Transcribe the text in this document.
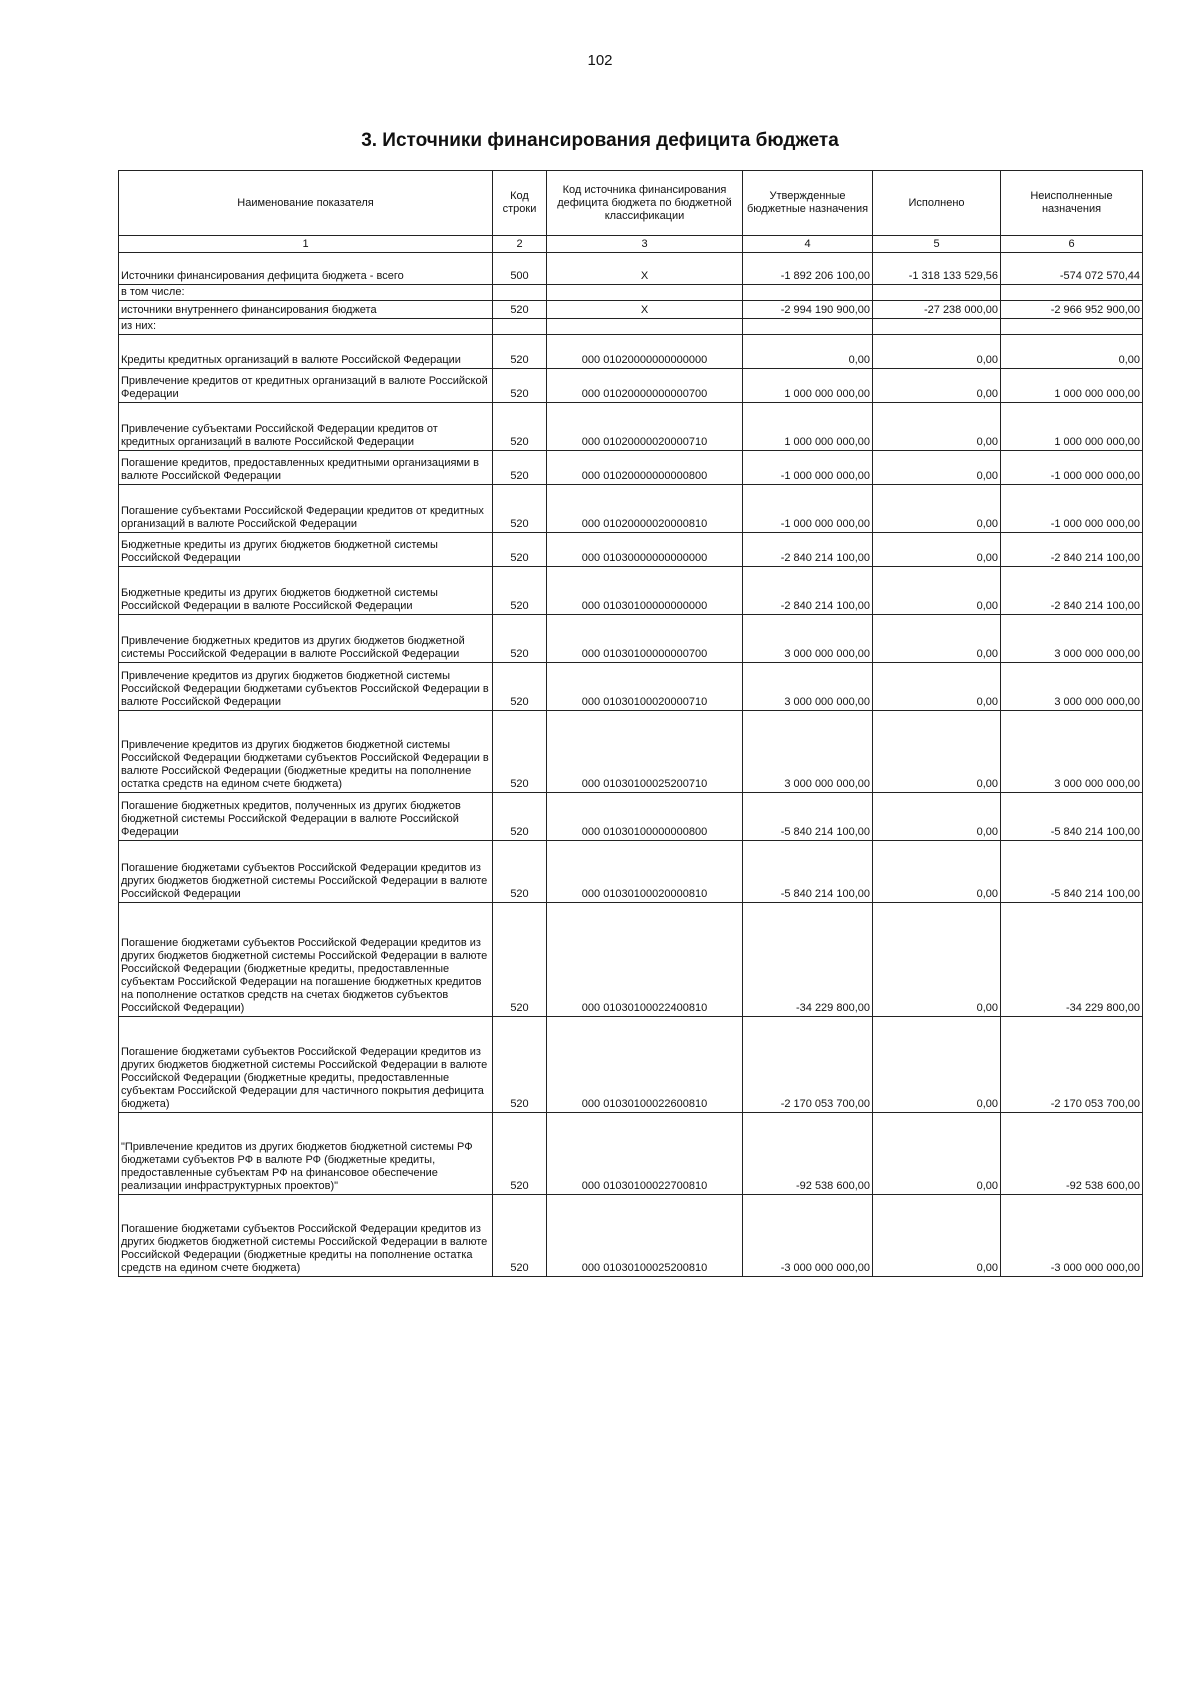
102
3. Источники финансирования дефицита бюджета
Наименование показателя	Код строки	Код источника финансирования дефицита бюджета по бюджетной классификации	Утвержденные бюджетные назначения	Исполнено	Неисполненные назначения
1	2	3	4	5	6
Источники финансирования дефицита бюджета - всего	500	X	-1 892 206 100,00	-1 318 133 529,56	-574 072 570,44
в том числе:					
источники внутреннего финансирования бюджета	520	X	-2 994 190 900,00	-27 238 000,00	-2 966 952 900,00
из них:					
Кредиты кредитных организаций в валюте Российской Федерации	520	000 01020000000000000	0,00	0,00	0,00
Привлечение кредитов от кредитных организаций в валюте Российской Федерации	520	000 01020000000000700	1 000 000 000,00	0,00	1 000 000 000,00
Привлечение субъектами Российской Федерации кредитов от кредитных организаций в валюте Российской Федерации	520	000 01020000020000710	1 000 000 000,00	0,00	1 000 000 000,00
Погашение кредитов, предоставленных кредитными организациями в валюте Российской Федерации	520	000 01020000000000800	-1 000 000 000,00	0,00	-1 000 000 000,00
Погашение субъектами Российской Федерации кредитов от кредитных организаций в валюте Российской Федерации	520	000 01020000020000810	-1 000 000 000,00	0,00	-1 000 000 000,00
Бюджетные кредиты из других бюджетов бюджетной системы Российской Федерации	520	000 01030000000000000	-2 840 214 100,00	0,00	-2 840 214 100,00
Бюджетные кредиты из других бюджетов бюджетной системы Российской Федерации в валюте Российской Федерации	520	000 01030100000000000	-2 840 214 100,00	0,00	-2 840 214 100,00
Привлечение бюджетных кредитов из других бюджетов бюджетной системы Российской Федерации в валюте Российской Федерации	520	000 01030100000000700	3 000 000 000,00	0,00	3 000 000 000,00
Привлечение кредитов из других бюджетов бюджетной системы Российской Федерации бюджетами субъектов Российской Федерации в валюте Российской Федерации	520	000 01030100020000710	3 000 000 000,00	0,00	3 000 000 000,00
Привлечение кредитов из других бюджетов бюджетной системы Российской Федерации бюджетами субъектов Российской Федерации в валюте Российской Федерации (бюджетные кредиты на пополнение остатка средств на едином счете бюджета)	520	000 01030100025200710	3 000 000 000,00	0,00	3 000 000 000,00
Погашение бюджетных кредитов, полученных из других бюджетов бюджетной системы Российской Федерации в валюте Российской Федерации	520	000 01030100000000800	-5 840 214 100,00	0,00	-5 840 214 100,00
Погашение бюджетами субъектов Российской Федерации кредитов из других бюджетов бюджетной системы Российской Федерации в валюте Российской Федерации	520	000 01030100020000810	-5 840 214 100,00	0,00	-5 840 214 100,00
Погашение бюджетами субъектов Российской Федерации кредитов из других бюджетов бюджетной системы Российской Федерации в валюте Российской Федерации (бюджетные кредиты, предоставленные субъектам Российской Федерации на погашение бюджетных кредитов на пополнение остатков средств на счетах бюджетов субъектов Российской Федерации)	520	000 01030100022400810	-34 229 800,00	0,00	-34 229 800,00
Погашение бюджетами субъектов Российской Федерации кредитов из других бюджетов бюджетной системы Российской Федерации в валюте Российской Федерации (бюджетные кредиты, предоставленные субъектам Российской Федерации для частичного покрытия дефицита бюджета)	520	000 01030100022600810	-2 170 053 700,00	0,00	-2 170 053 700,00
"Привлечение кредитов из других бюджетов бюджетной системы РФ бюджетами субъектов РФ в валюте РФ (бюджетные кредиты, предоставленные субъектам РФ на финансовое обеспечение реализации инфраструктурных проектов)"	520	000 01030100022700810	-92 538 600,00	0,00	-92 538 600,00
Погашение бюджетами субъектов Российской Федерации кредитов из других бюджетов бюджетной системы Российской Федерации в валюте Российской Федерации (бюджетные кредиты на пополнение остатка средств на едином счете бюджета)	520	000 01030100025200810	-3 000 000 000,00	0,00	-3 000 000 000,00
